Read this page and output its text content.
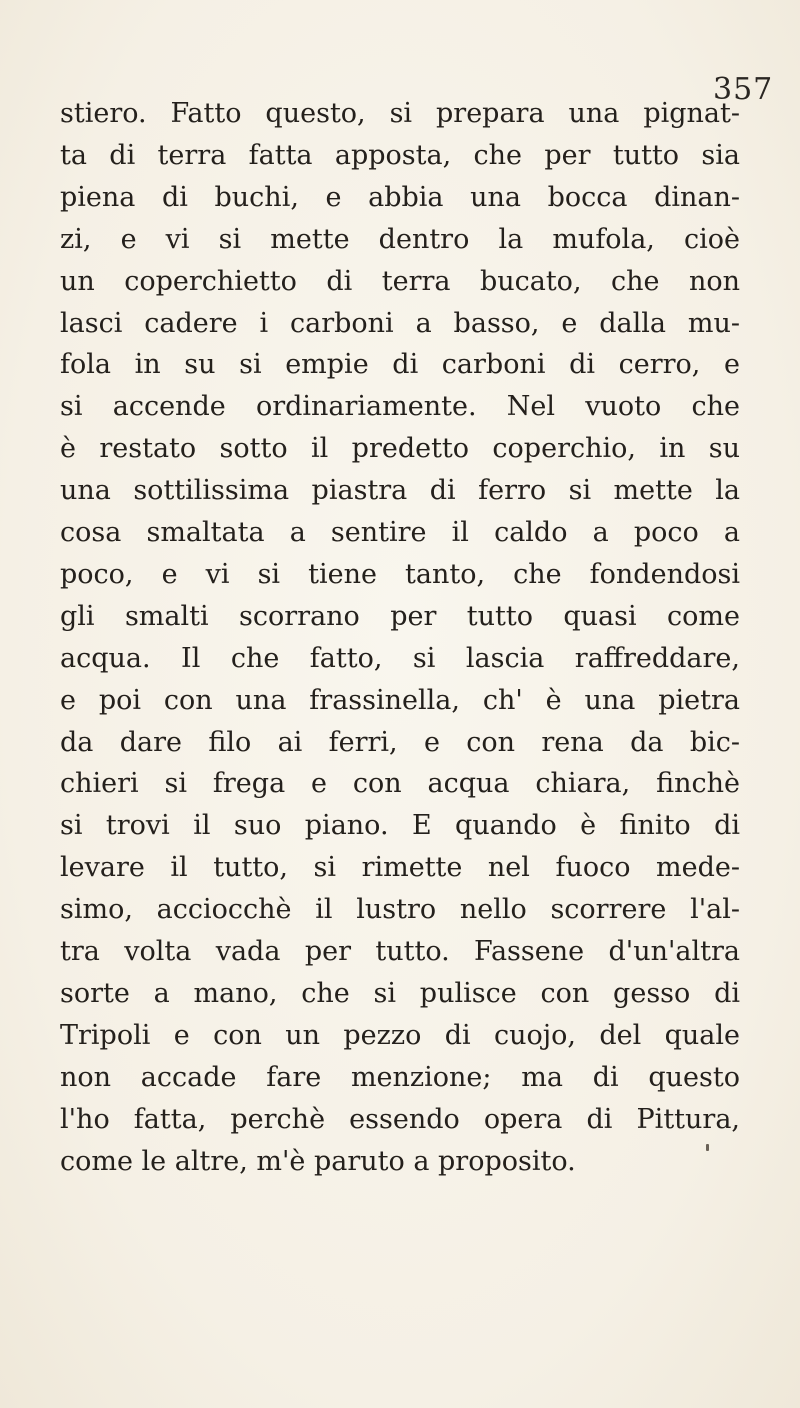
357
stiero. Fatto questo, si prepara una pignat-
ta di terra fatta apposta, che per tutto sia
piena di buchi, e abbia una bocca dinan-
zi, e vi si mette dentro la mufola, cioè
un coperchietto di terra bucato, che non
lasci cadere i carboni a basso, e dalla mu-
fola in su si empie di carboni di cerro, e
si accende ordinariamente. Nel vuoto che
è restato sotto il predetto coperchio, in su
una sottilissima piastra di ferro si mette la
cosa smaltata a sentire il caldo a poco a
poco, e vi si tiene tanto, che fondendosi
gli smalti scorrano per tutto quasi come
acqua. Il che fatto, si lascia raffreddare,
e poi con una frassinella, ch' è una pietra
da dare filo ai ferri, e con rena da bic-
chieri si frega e con acqua chiara, finchè
si trovi il suo piano. E quando è finito di
levare il tutto, si rimette nel fuoco mede-
simo, acciocchè il lustro nello scorrere l'al-
tra volta vada per tutto. Fassene d'un'altra
sorte a mano, che si pulisce con gesso di
Tripoli e con un pezzo di cuojo, del quale
non accade fare menzione; ma di questo
l'ho fatta, perchè essendo opera di Pittura,
come le altre, m'è paruto a proposito.
